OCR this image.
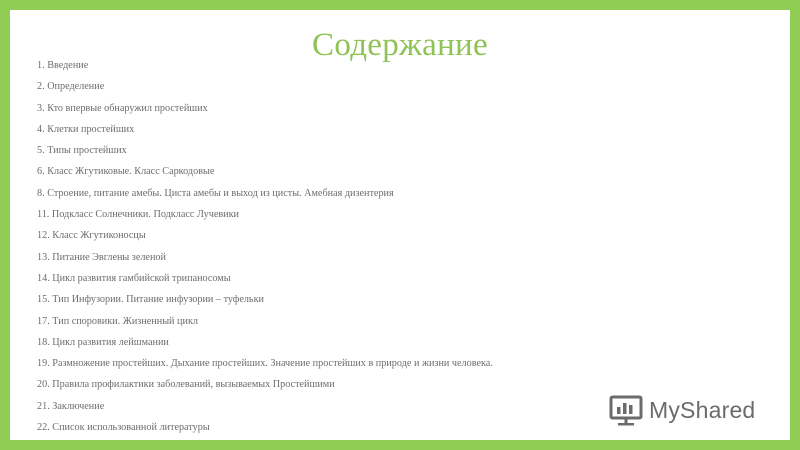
Содержание
1. Введение
2. Определение
3. Кто впервые обнаружил простейших
4. Клетки простейших
5. Типы простейших
6. Класс Жгутиковые. Класс Саркодовые
8. Строение, питание амебы. Циста амебы и выход из цисты. Амебная дизентерия
11. Подкласс Солнечники. Подкласс Лучевики
12. Класс Жгутиконосцы
13. Питание Эвглены зеленой
14. Цикл развития гамбийской трипаносомы
15. Тип Инфузории. Питание инфузории – туфельки
17. Тип споровики. Жизненный цикл
18. Цикл развития лейшмании
19. Размножение простейших. Дыхание простейших. Значение простейших в природе и жизни человека.
20. Правила профилактики заболеваний, вызываемых Простейшими
21. Заключение
22. Список использованной литературы
MyShared
